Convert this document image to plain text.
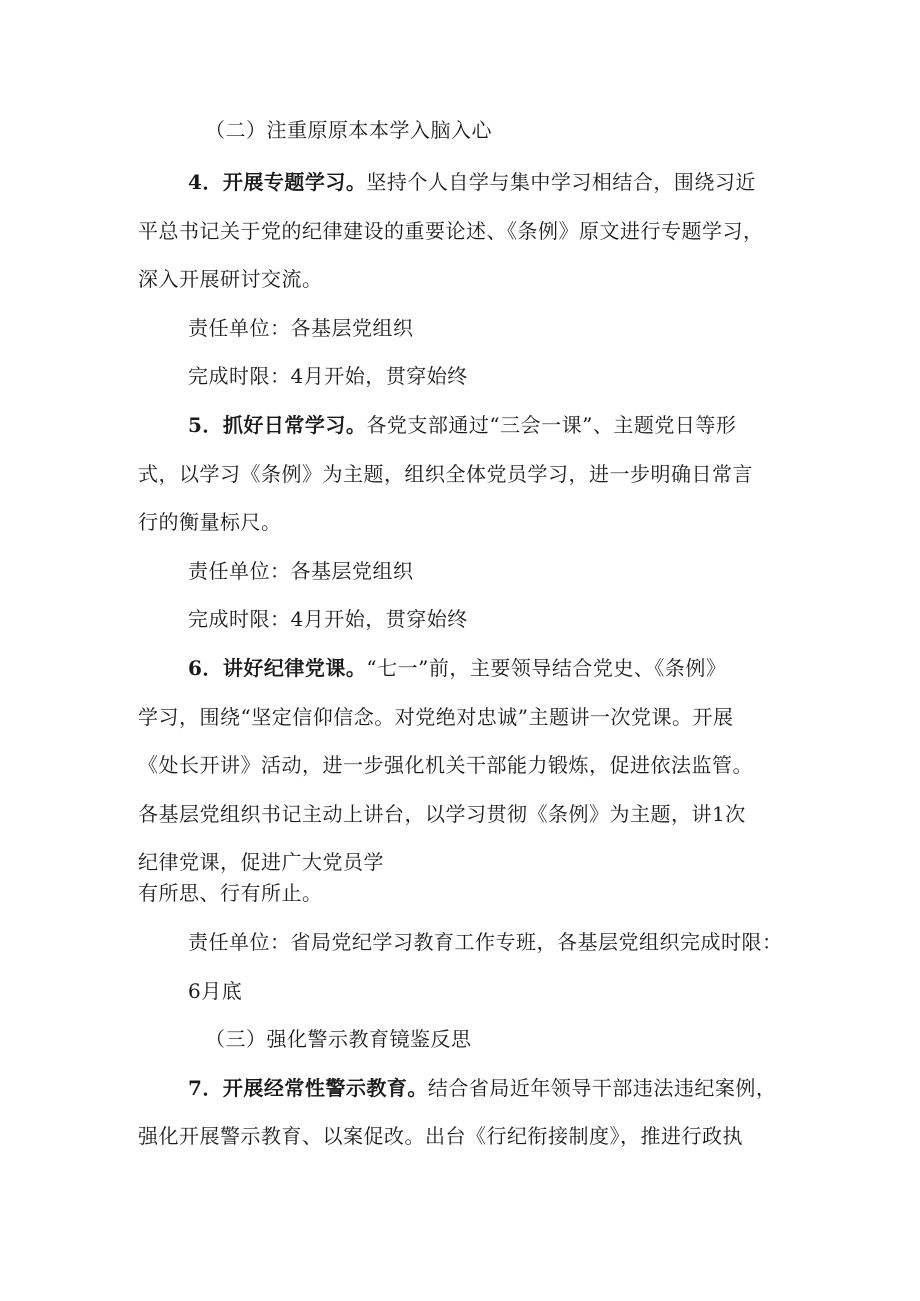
（二）注重原原本本学入脑入心
4．开展专题学习。坚持个人自学与集中学习相结合，围绕习近
平总书记关于党的纪律建设的重要论述、《条例》原文进行专题学习，
深入开展研讨交流。
责任单位：各基层党组织
完成时限：4月开始，贯穿始终
5．抓好日常学习。各党支部通过“三会一课”、主题党日等形
式，以学习《条例》为主题，组织全体党员学习，进一步明确日常言
行的衡量标尺。
责任单位：各基层党组织
完成时限：4月开始，贯穿始终
6．讲好纪律党课。“七一”前，主要领导结合党史、《条例》
学习，围绕“坚定信仰信念。对党绝对忠诚”主题讲一次党课。开展
《处长开讲》活动，进一步强化机关干部能力锻炼，促进依法监管。
各基层党组织书记主动上讲台，以学习贯彻《条例》为主题，讲1次
纪律党课，促进广大党员学
有所思、行有所止。
责任单位：省局党纪学习教育工作专班，各基层党组织完成时限：
6月底
（三）强化警示教育镜鉴反思
7．开展经常性警示教育。结合省局近年领导干部违法违纪案例，
强化开展警示教育、以案促改。出台《行纪衔接制度》，推进行政执
